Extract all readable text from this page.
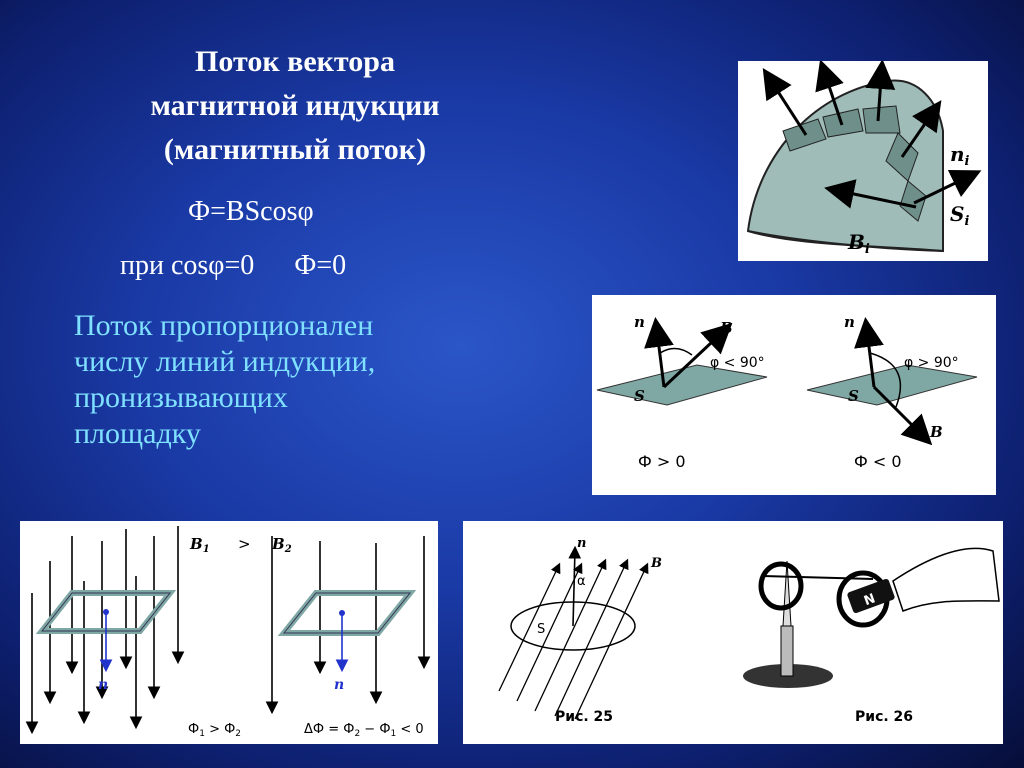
Поток вектора
магнитной индукции
(магнитный поток)
Ф=BScosφ
при cosφ=0 Ф=0
Поток пропорционален
числу линий индукции,
пронизывающих
площадку
$n_i$
$S_i$
$B_i$
n	B
φ < 90°
S
Ф > 0
n
B
φ > 90°
S
Ф < 0
n	n
$B_1 > B_2$
$Ф_1 > Ф_2$	$\Delta Ф = Ф_2 - Ф_1 < 0$
n
B
α
S
Рис. 25
N
Рис. 26
